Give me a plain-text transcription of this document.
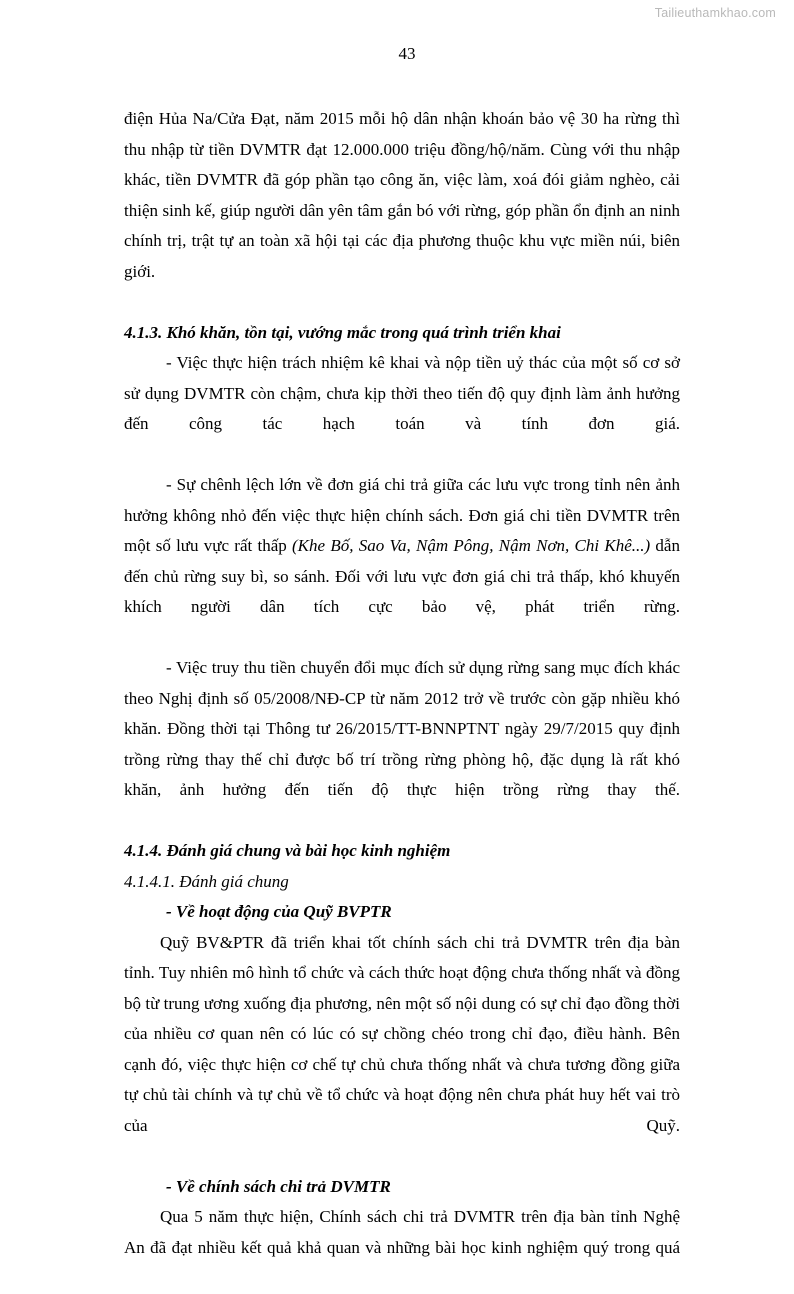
Tailieuthamkhao.com
43

điện Hủa Na/Cửa Đạt, năm 2015 mỗi hộ dân nhận khoán bảo vệ 30 ha rừng thì thu nhập từ tiền DVMTR đạt 12.000.000 triệu đồng/hộ/năm. Cùng với thu nhập khác, tiền DVMTR đã góp phần tạo công ăn, việc làm, xoá đói giảm nghèo, cải thiện sinh kế, giúp người dân yên tâm gắn bó với rừng, góp phần ổn định an ninh chính trị, trật tự an toàn xã hội tại các địa phương thuộc khu vực miền núi, biên giới.

4.1.3. Khó khăn, tồn tại, vướng mắc trong quá trình triển khai

- Việc thực hiện trách nhiệm kê khai và nộp tiền uỷ thác của một số cơ sở sử dụng DVMTR còn chậm, chưa kịp thời theo tiến độ quy định làm ảnh hưởng đến công tác hạch toán và tính đơn giá.

- Sự chênh lệch lớn về đơn giá chi trả giữa các lưu vực trong tỉnh nên ảnh hưởng không nhỏ đến việc thực hiện chính sách. Đơn giá chi tiền DVMTR trên một số lưu vực rất thấp (Khe Bố, Sao Va, Nậm Pông, Nậm Nơn, Chi Khê...) dẫn đến chủ rừng suy bì, so sánh. Đối với lưu vực đơn giá chi trả thấp, khó khuyến khích người dân tích cực bảo vệ, phát triển rừng.

- Việc truy thu tiền chuyển đổi mục đích sử dụng rừng sang mục đích khác theo Nghị định số 05/2008/NĐ-CP từ năm 2012 trở về trước còn gặp nhiều khó khăn. Đồng thời tại Thông tư 26/2015/TT-BNNPTNT ngày 29/7/2015 quy định trồng rừng thay thế chỉ được bố trí trồng rừng phòng hộ, đặc dụng là rất khó khăn, ảnh hưởng đến tiến độ thực hiện trồng rừng thay thế.

4.1.4. Đánh giá chung và bài học kinh nghiệm

4.1.4.1. Đánh giá chung

- Về hoạt động của Quỹ BVPTR

Quỹ BV&PTR đã triển khai tốt chính sách chi trả DVMTR trên địa bàn tỉnh. Tuy nhiên mô hình tổ chức và cách thức hoạt động chưa thống nhất và đồng bộ từ trung ương xuống địa phương, nên một số nội dung có sự chỉ đạo đồng thời của nhiều cơ quan nên có lúc có sự chồng chéo trong chỉ đạo, điều hành. Bên cạnh đó, việc thực hiện cơ chế tự chủ chưa thống nhất và chưa tương đồng giữa tự chủ tài chính và tự chủ về tổ chức và hoạt động nên chưa phát huy hết vai trò của Quỹ.

- Về chính sách chi trả DVMTR

Qua 5 năm thực hiện, Chính sách chi trả DVMTR trên địa bàn tỉnh Nghệ An đã đạt nhiều kết quả khả quan và những bài học kinh nghiệm quý trong quá
